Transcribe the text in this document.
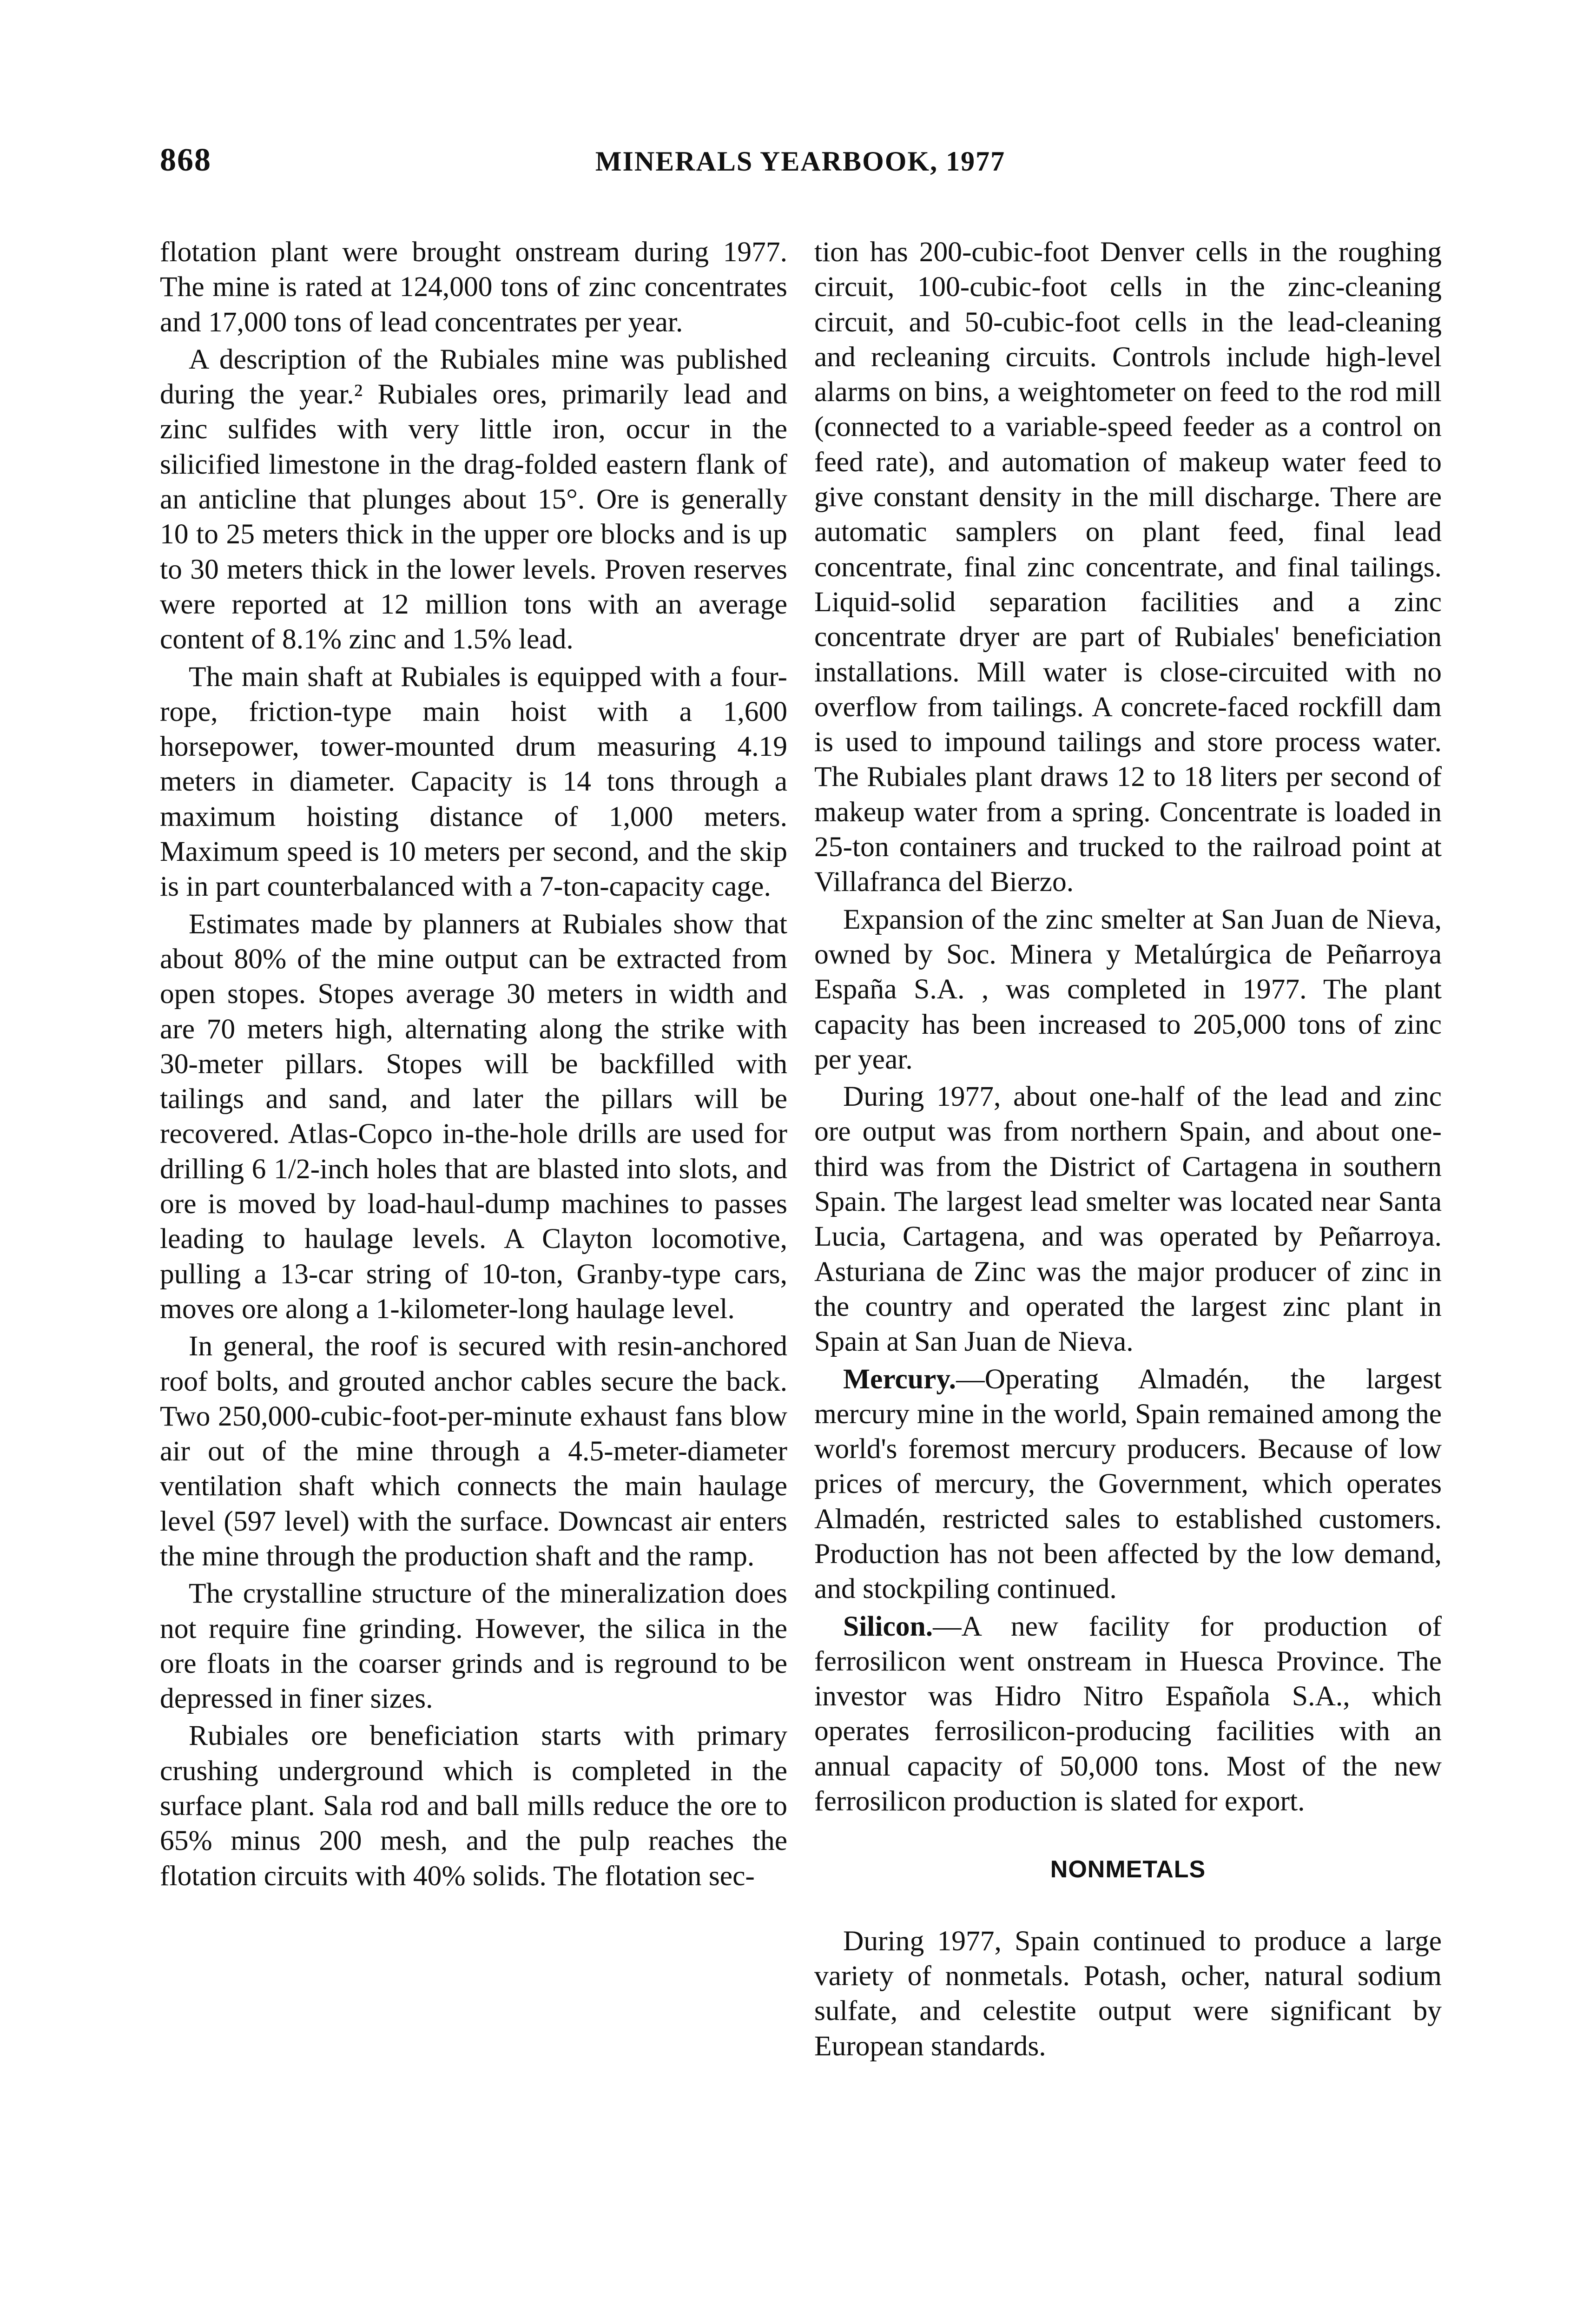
868	MINERALS YEARBOOK, 1977

flotation plant were brought onstream during 1977. The mine is rated at 124,000 tons of zinc concentrates and 17,000 tons of lead concentrates per year.

A description of the Rubiales mine was published during the year.² Rubiales ores, primarily lead and zinc sulfides with very little iron, occur in the silicified limestone in the drag-folded eastern flank of an anticline that plunges about 15°. Ore is generally 10 to 25 meters thick in the upper ore blocks and is up to 30 meters thick in the lower levels. Proven reserves were reported at 12 million tons with an average content of 8.1% zinc and 1.5% lead.

The main shaft at Rubiales is equipped with a four-rope, friction-type main hoist with a 1,600 horsepower, tower-mounted drum measuring 4.19 meters in diameter. Capacity is 14 tons through a maximum hoisting distance of 1,000 meters. Maximum speed is 10 meters per second, and the skip is in part counterbalanced with a 7-ton-capacity cage.

Estimates made by planners at Rubiales show that about 80% of the mine output can be extracted from open stopes. Stopes average 30 meters in width and are 70 meters high, alternating along the strike with 30-meter pillars. Stopes will be backfilled with tailings and sand, and later the pillars will be recovered. Atlas-Copco in-the-hole drills are used for drilling 6 1/2-inch holes that are blasted into slots, and ore is moved by load-haul-dump machines to passes leading to haulage levels. A Clayton locomotive, pulling a 13-car string of 10-ton, Granby-type cars, moves ore along a 1-kilometer-long haulage level.

In general, the roof is secured with resin-anchored roof bolts, and grouted anchor cables secure the back. Two 250,000-cubic-foot-per-minute exhaust fans blow air out of the mine through a 4.5-meter-diameter ventilation shaft which connects the main haulage level (597 level) with the surface. Downcast air enters the mine through the production shaft and the ramp.

The crystalline structure of the mineralization does not require fine grinding. However, the silica in the ore floats in the coarser grinds and is reground to be depressed in finer sizes.

Rubiales ore beneficiation starts with primary crushing underground which is completed in the surface plant. Sala rod and ball mills reduce the ore to 65% minus 200 mesh, and the pulp reaches the flotation circuits with 40% solids. The flotation sec-

tion has 200-cubic-foot Denver cells in the roughing circuit, 100-cubic-foot cells in the zinc-cleaning circuit, and 50-cubic-foot cells in the lead-cleaning and recleaning circuits. Controls include high-level alarms on bins, a weightometer on feed to the rod mill (connected to a variable-speed feeder as a control on feed rate), and automation of makeup water feed to give constant density in the mill discharge. There are automatic samplers on plant feed, final lead concentrate, final zinc concentrate, and final tailings. Liquid-solid separation facilities and a zinc concentrate dryer are part of Rubiales' beneficiation installations. Mill water is close-circuited with no overflow from tailings. A concrete-faced rockfill dam is used to impound tailings and store process water. The Rubiales plant draws 12 to 18 liters per second of makeup water from a spring. Concentrate is loaded in 25-ton containers and trucked to the railroad point at Villafranca del Bierzo.

Expansion of the zinc smelter at San Juan de Nieva, owned by Soc. Minera y Metalúrgica de Peñarroya España S.A. , was completed in 1977. The plant capacity has been increased to 205,000 tons of zinc per year.

During 1977, about one-half of the lead and zinc ore output was from northern Spain, and about one-third was from the District of Cartagena in southern Spain. The largest lead smelter was located near Santa Lucia, Cartagena, and was operated by Peñarroya. Asturiana de Zinc was the major producer of zinc in the country and operated the largest zinc plant in Spain at San Juan de Nieva.

Mercury.—Operating Almadén, the largest mercury mine in the world, Spain remained among the world's foremost mercury producers. Because of low prices of mercury, the Government, which operates Almadén, restricted sales to established customers. Production has not been affected by the low demand, and stockpiling continued.

Silicon.—A new facility for production of ferrosilicon went onstream in Huesca Province. The investor was Hidro Nitro Española S.A., which operates ferrosilicon-producing facilities with an annual capacity of 50,000 tons. Most of the new ferrosilicon production is slated for export.

NONMETALS

During 1977, Spain continued to produce a large variety of nonmetals. Potash, ocher, natural sodium sulfate, and celestite output were significant by European standards.
